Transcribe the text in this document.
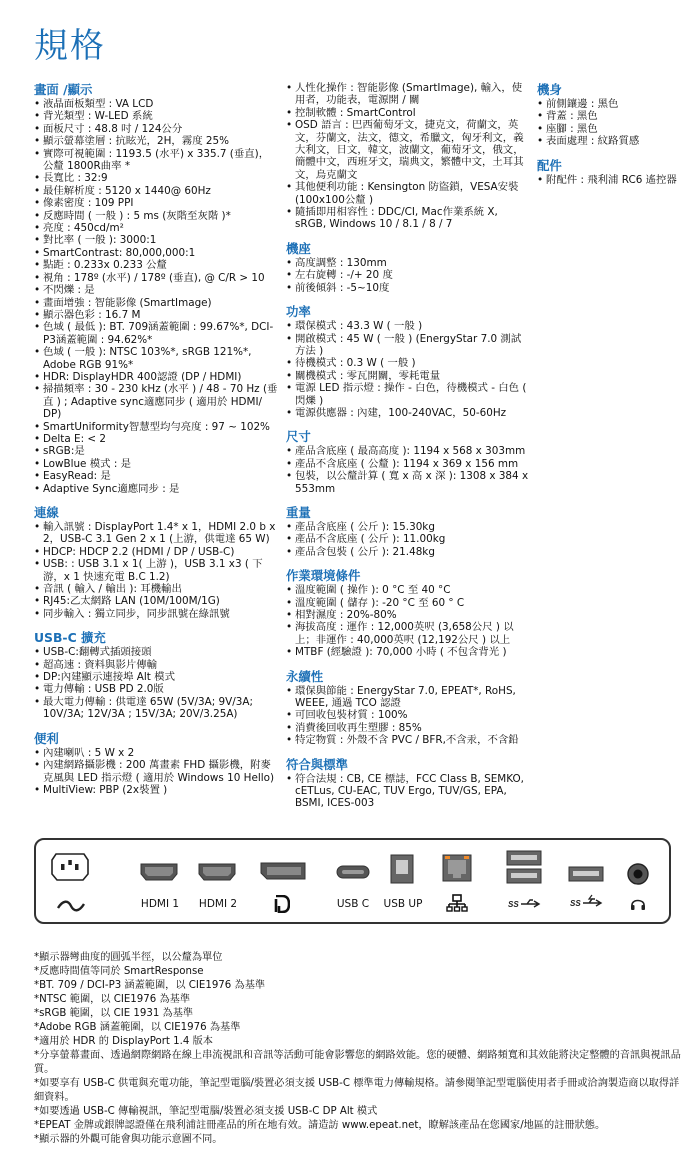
規格
畫面 /顯示
• 液晶面板類型 : VA LCD
• 背光類型 : W-LED 系統
• 面板尺寸 : 48.8 吋 / 124公分
• 顯示螢幕塗層 : 抗眩光，2H，霧度 25%
• 實際可視範圍 : 1193.5 (水平) x 335.7 (垂直)，公釐 1800R曲率 *
• 長寬比 : 32:9
• 最佳解析度 : 5120 x 1440@ 60Hz
• 像素密度 : 109 PPI
• 反應時間 ( 一般 ) : 5 ms (灰階至灰階 )*
• 亮度 : 450cd/m²
• 對比率 ( 一般 ): 3000:1
• SmartContrast: 80,000,000:1
• 點距 : 0.233x 0.233 公釐
• 視角 : 178º (水平) / 178º (垂直), @ C/R > 10
• 不閃爍 : 是
• 畫面增強 : 智能影像 (SmartImage)
• 顯示器色彩 : 16.7 M
• 色域 ( 最低 ): BT. 709涵蓋範圍 : 99.67%*, DCI-P3涵蓋範圍 : 94.62%*
• 色域 ( 一般 ): NTSC 103%*, sRGB 121%*, Adobe RGB 91%*
• HDR: DisplayHDR 400認證 (DP / HDMI)
• 掃描頻率 : 30 - 230 kHz (水平 ) / 48 - 70 Hz (垂直 ) ; Adaptive sync適應同步 ( 適用於 HDMI/ DP)
• SmartUniformity智慧型均勻亮度 : 97 ~ 102%
• Delta E: < 2
• sRGB:是
• LowBlue 模式 : 是
• EasyRead: 是
• Adaptive Sync適應同步 : 是
連線
• 輸入訊號 : DisplayPort 1.4* x 1，HDMI 2.0 b x 2，USB-C 3.1 Gen 2 x 1 (上游，供電達 65 W)
• HDCP: HDCP 2.2 (HDMI / DP / USB-C)
• USB: : USB 3.1 x 1( 上游 )，USB 3.1 x3 ( 下游，x 1 快速充電 B.C 1.2)
• 音訊 ( 輸入 / 輸出 ): 耳機輸出
• RJ45:乙太網路 LAN (10M/100M/1G)
• 同步輸入 : 獨立同步，同步訊號在綠訊號
USB-C 擴充
• USB-C:翻轉式插頭接頭
• 超高速 : 資料與影片傳輸
• DP:內建顯示連接埠 Alt 模式
• 電力傳輸 : USB PD 2.0版
• 最大電力傳輸 : 供電達 65W (5V/3A; 9V/3A; 10V/3A; 12V/3A ; 15V/3A; 20V/3.25A)
便利
• 內建喇叭 : 5 W x 2
• 內建網路攝影機 : 200 萬畫素 FHD 攝影機，附麥克風與 LED 指示燈 ( 適用於 Windows 10 Hello)
• MultiView: PBP (2x裝置 )
• 人性化操作 : 智能影像 (SmartImage), 輸入，使用者，功能表，電源開 / 關
• 控制軟體 : SmartControl
• OSD 語言 : 巴西葡萄牙文，捷克文，荷蘭文，英文，芬蘭文，法文，德文，希臘文，匈牙利文，義大利文，日文，韓文，波蘭文，葡萄牙文，俄文，簡體中文，西班牙文，瑞典文，繁體中文，土耳其文，烏克蘭文
• 其他便利功能 : Kensington 防盜鎖，VESA安裝 (100x100公釐 )
• 隨插即用相容性 : DDC/CI, Mac作業系統 X, sRGB, Windows 10 / 8.1 / 8 / 7
機座
• 高度調整 : 130mm
• 左右旋轉 : -/+ 20 度
• 前後傾斜 : -5~10度
功率
• 環保模式 : 43.3 W ( 一般 )
• 開啟模式 : 45 W ( 一般 ) (EnergyStar 7.0 測試方法 )
• 待機模式 : 0.3 W ( 一般 )
• 關機模式 : 零瓦開關，零耗電量
• 電源 LED 指示燈 : 操作 - 白色，待機模式 - 白色 ( 閃爍 )
• 電源供應器 : 內建，100-240VAC，50-60Hz
尺寸
• 產品含底座 ( 最高高度 ): 1194 x 568 x 303mm
• 產品不含底座 ( 公釐 ): 1194 x 369 x 156 mm
• 包裝，以公釐計算 ( 寬 x 高 x 深 ): 1308 x 384 x 553mm
重量
• 產品含底座 ( 公斤 ): 15.30kg
• 產品不含底座 ( 公斤 ): 11.00kg
• 產品含包裝 ( 公斤 ): 21.48kg
作業環境條件
• 溫度範圍 ( 操作 ): 0 °C 至 40 °C
• 溫度範圍 ( 儲存 ): -20 °C 至 60 ° C
• 相對濕度 : 20%-80%
• 海拔高度 : 運作 : 12,000英呎 (3,658公尺 ) 以上；非運作 : 40,000英呎 (12,192公尺 ) 以上
• MTBF (經驗證 ): 70,000 小時 ( 不包含背光 )
永續性
• 環保與節能 : EnergyStar 7.0, EPEAT*, RoHS, WEEE, 通過 TCO 認證
• 可回收包裝材質 : 100%
• 消費後回收再生塑膠 : 85%
• 特定物質 : 外殼不含 PVC / BFR,不含汞，不含鉛
符合與標準
• 符合法規 : CB, CE 標誌，FCC Class B, SEMKO, cETLus, CU-EAC, TUV Ergo, TUV/GS, EPA, BSMI, ICES-003
機身
• 前側鑲邊 : 黑色
• 背蓋 : 黑色
• 座腳 : 黑色
• 表面處理 : 紋路質感
配件
• 附配件 : 飛利浦 RC6 遙控器
HDMI 1	HDMI 2	USB C	USB UP	SS	SS
*顯示器彎曲度的圓弧半徑，以公釐為單位
*反應時間值等同於 SmartResponse
*BT. 709 / DCI-P3 涵蓋範圍，以 CIE1976 為基準
*NTSC 範圍，以 CIE1976 為基準
*sRGB 範圍，以 CIE 1931 為基準
*Adobe RGB 涵蓋範圍，以 CIE1976 為基準
*適用於 HDR 的 DisplayPort 1.4 版本
*分享螢幕畫面、透過網際網路在線上串流視訊和音訊等活動可能會影響您的網路效能。您的硬體、網路頻寬和其效能將決定整體的音訊與視訊品質。
*如要享有 USB-C 供電與充電功能，筆記型電腦/裝置必須支援 USB-C 標準電力傳輸規格。請參閱筆記型電腦使用者手冊或洽詢製造商以取得詳細資料。
*如要透過 USB-C 傳輸視訊，筆記型電腦/裝置必須支援 USB-C DP Alt 模式
*EPEAT 金牌或銀牌認證僅在飛利浦註冊產品的所在地有效。請造訪 www.epeat.net，瞭解該產品在您國家/地區的註冊狀態。
*顯示器的外觀可能會與功能示意圖不同。
